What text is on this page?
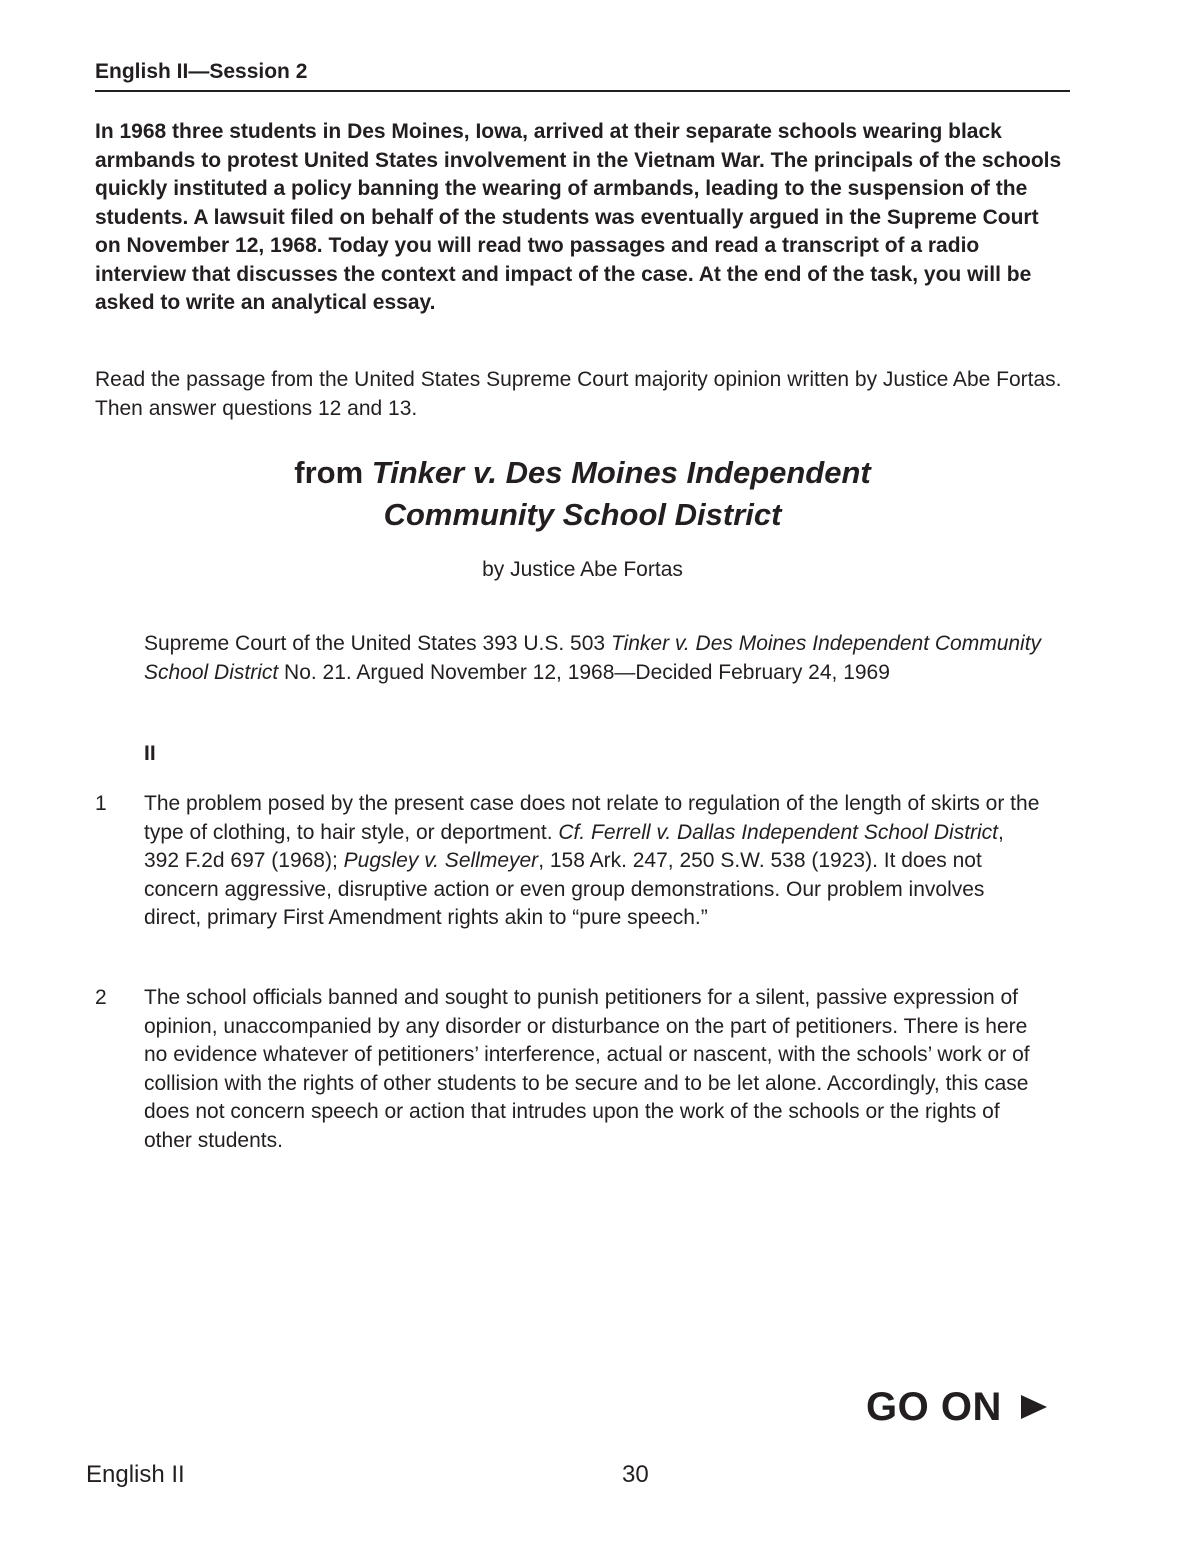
English II—Session 2

In 1968 three students in Des Moines, Iowa, arrived at their separate schools wearing black armbands to protest United States involvement in the Vietnam War. The principals of the schools quickly instituted a policy banning the wearing of armbands, leading to the suspension of the students. A lawsuit filed on behalf of the students was eventually argued in the Supreme Court on November 12, 1968. Today you will read two passages and read a transcript of a radio interview that discusses the context and impact of the case. At the end of the task, you will be asked to write an analytical essay.

Read the passage from the United States Supreme Court majority opinion written by Justice Abe Fortas. Then answer questions 12 and 13.

from Tinker v. Des Moines Independent
Community School District
by Justice Abe Fortas

Supreme Court of the United States 393 U.S. 503 Tinker v. Des Moines Independent Community School District No. 21. Argued November 12, 1968—Decided February 24, 1969

II
1 The problem posed by the present case does not relate to regulation of the length of skirts or the type of clothing, to hair style, or deportment. Cf. Ferrell v. Dallas Independent School District, 392 F.2d 697 (1968); Pugsley v. Sellmeyer, 158 Ark. 247, 250 S.W. 538 (1923). It does not concern aggressive, disruptive action or even group demonstrations. Our problem involves direct, primary First Amendment rights akin to “pure speech.”

2 The school officials banned and sought to punish petitioners for a silent, passive expression of opinion, unaccompanied by any disorder or disturbance on the part of petitioners. There is here no evidence whatever of petitioners’ interference, actual or nascent, with the schools’ work or of collision with the rights of other students to be secure and to be let alone. Accordingly, this case does not concern speech or action that intrudes upon the work of the schools or the rights of other students.

GO ON
English II	30
